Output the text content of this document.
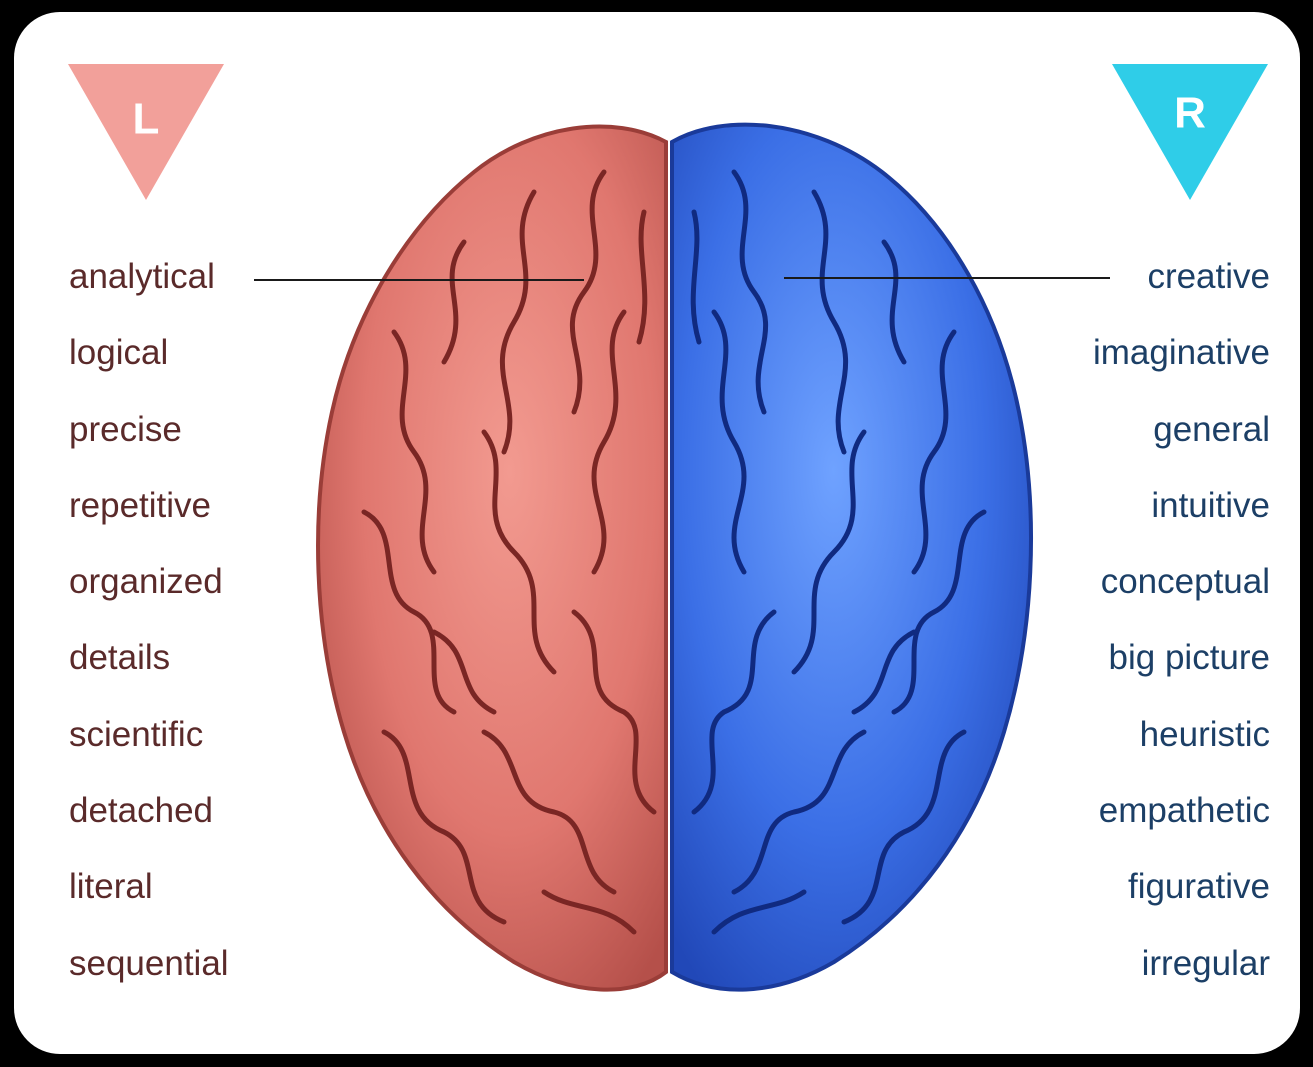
L	R
analytical
logical
precise
repetitive
organized
details
scientific
detached
literal
sequential
creative
imaginative
general
intuitive
conceptual
big picture
heuristic
empathetic
figurative
irregular
